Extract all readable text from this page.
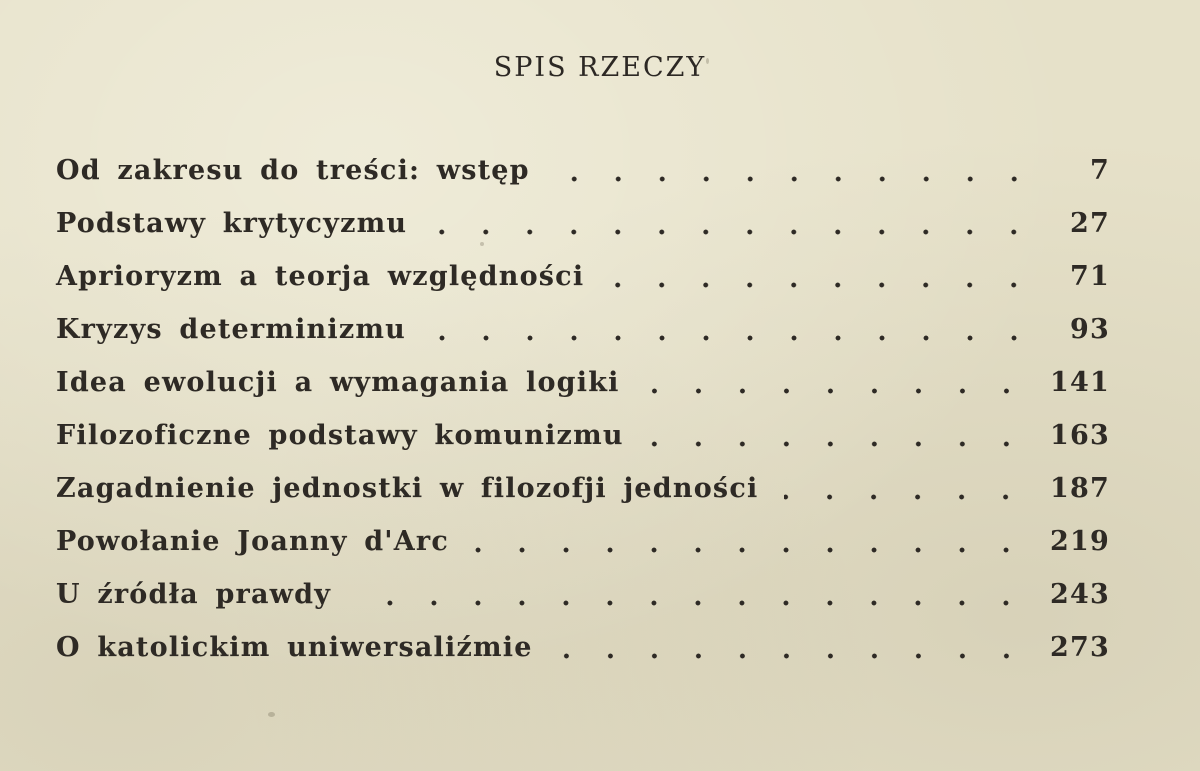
SPIS RZECZY
Od zakresu do treści: wstęp	7
Podstawy krytycyzmu	27
Aprioryzm a teorja względności	71
Kryzys determinizmu	93
Idea ewolucji a wymagania logiki	141
Filozoficzne podstawy komunizmu	163
Zagadnienie jednostki w filozofji jedności	187
Powołanie Joanny d'Arc	219
U źródła prawdy	243
O katolickim uniwersaliźmie	273
